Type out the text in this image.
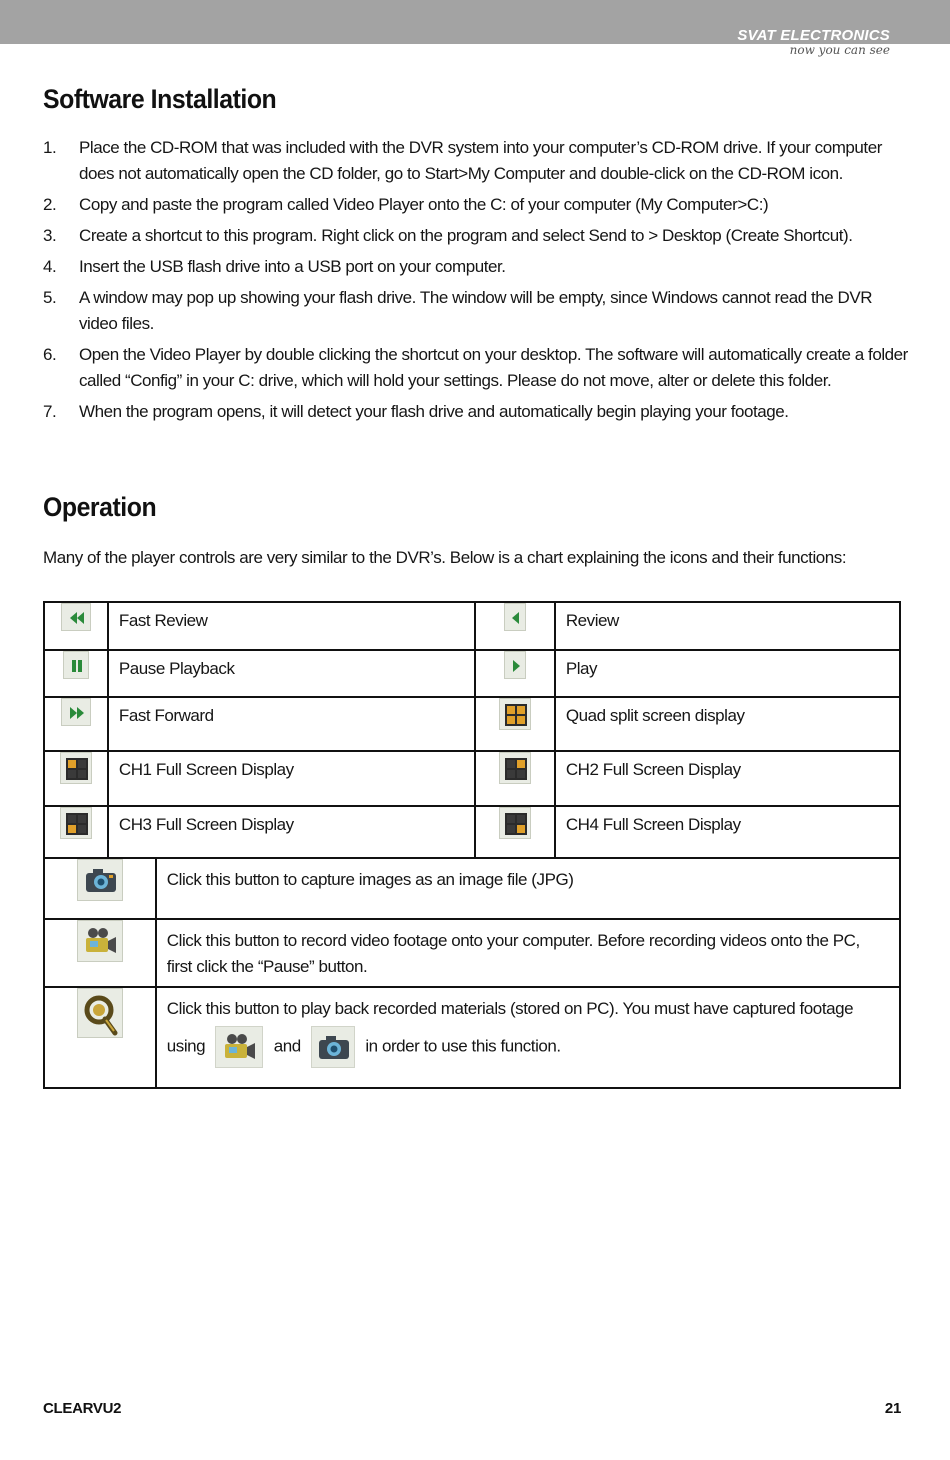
SVAT ELECTRONICS
now you can see
Software Installation
1.	Place the CD-ROM that was included with the DVR system into your computer’s CD-ROM drive. If your computer does not automatically open the CD folder, go to Start>My Computer and double-click on the CD-ROM icon.
2.	Copy and paste the program called Video Player onto the C: of your computer (My Computer>C:)
3.	Create a shortcut to this program. Right click on the program and select Send to > Desktop (Create Shortcut).
4.	Insert the USB flash drive into a USB port on your computer.
5.	A window may pop up showing your flash drive. The window will be empty, since Windows cannot read the DVR video files.
6.	Open the Video Player by double clicking the shortcut on your desktop. The software will automatically create a folder called “Config” in your C: drive, which will hold your settings. Please do not move, alter or delete this folder.
7.	When the program opens, it will detect your flash drive and automatically begin playing your footage.
Operation

Many of the player controls are very similar to the DVR’s. Below is a chart explaining the icons and their functions:

	Fast Review			Review

	Pause Playback			Play

	Fast Forward			Quad split screen display

	CH1 Full Screen Display			CH2 Full Screen Display

	CH3 Full Screen Display			CH4 Full Screen Display

	Click this button to capture images as an image file (JPG)		

	Click this button to record video footage onto your computer. Before recording videos onto the PC, first click the “Pause” button.		

Click this button to play back recorded materials (stored on PC). You must have captured footage
using and in order to use this function.		
CLEARVU2	21
